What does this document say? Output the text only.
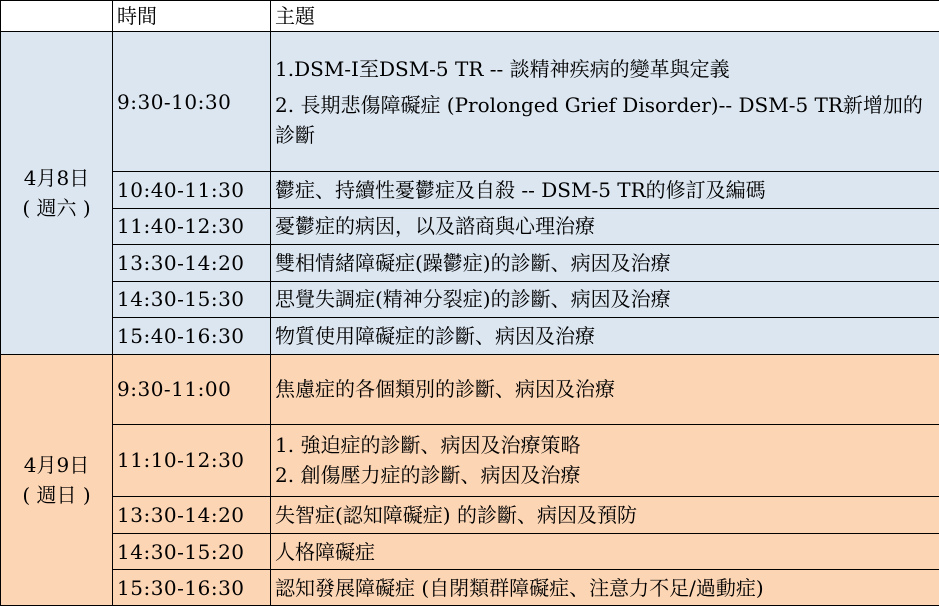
	時間	主題

4月8日
( 週六 )	9:30-10:30	1.DSM-I至DSM-5 TR -- 談精神疾病的變革與定義
2. 長期悲傷障礙症 (Prolonged Grief Disorder)-- DSM-5 TR新增加的診斷

	10:40-11:30	鬱症、持續性憂鬱症及自殺 -- DSM-5 TR的修訂及編碼
	11:40-12:30	憂鬱症的病因，以及諮商與心理治療
	13:30-14:20	雙相情緒障礙症(躁鬱症)的診斷、病因及治療
	14:30-15:30	思覺失調症(精神分裂症)的診斷、病因及治療
	15:40-16:30	物質使用障礙症的診斷、病因及治療

4月9日
( 週日 )	9:30-11:00	焦慮症的各個類別的診斷、病因及治療
	11:10-12:30	1. 強迫症的診斷、病因及治療策略
2. 創傷壓力症的診斷、病因及治療

	13:30-14:20	失智症(認知障礙症) 的診斷、病因及預防
	14:30-15:20	人格障礙症
	15:30-16:30	認知發展障礙症 (自閉類群障礙症、注意力不足/過動症)
